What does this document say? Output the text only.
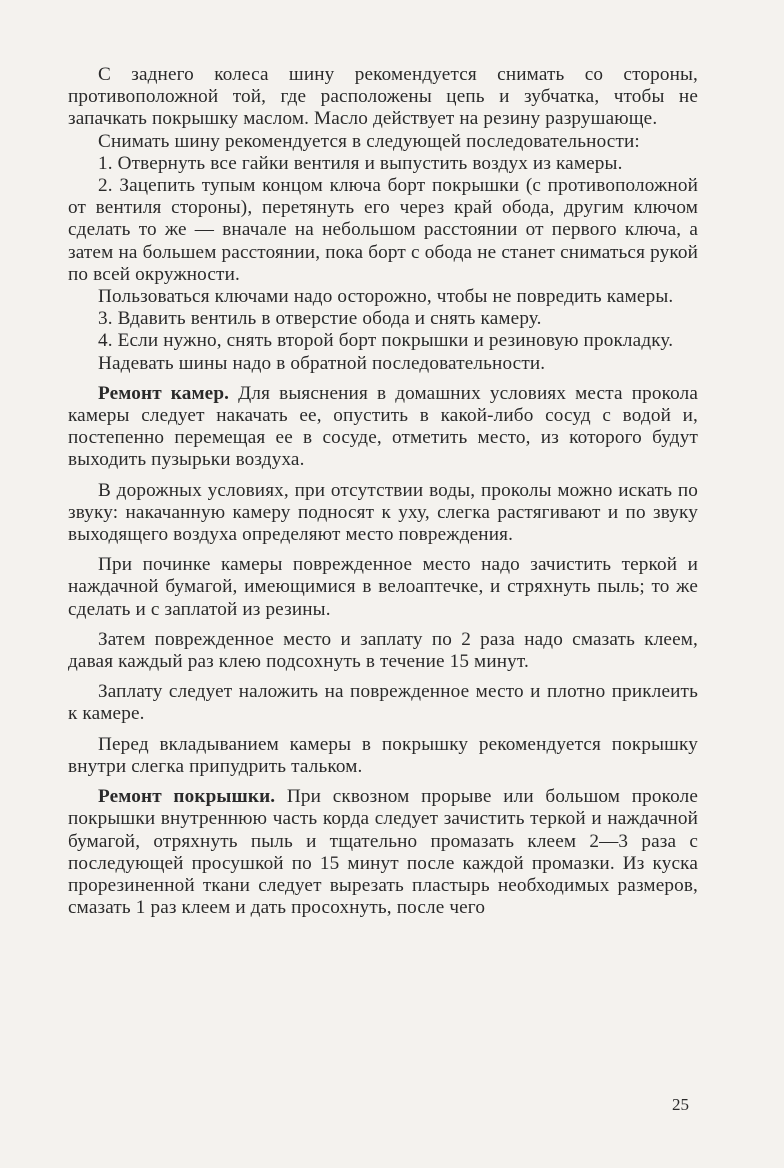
С заднего колеса шину рекомендуется снимать со стороны, противоположной той, где расположены цепь и зубчатка, чтобы не запачкать покрышку маслом. Масло действует на резину разрушающе.

Снимать шину рекомендуется в следующей последовательности:

1. Отвернуть все гайки вентиля и выпустить воздух из камеры.

2. Зацепить тупым концом ключа борт покрышки (с противоположной от вентиля стороны), перетянуть его через край обода, другим ключом сделать то же — вначале на небольшом расстоянии от первого ключа, а затем на большем расстоянии, пока борт с обода не станет сниматься рукой по всей окружности.

Пользоваться ключами надо осторожно, чтобы не повредить камеры.

3. Вдавить вентиль в отверстие обода и снять камеру.

4. Если нужно, снять второй борт покрышки и резиновую прокладку.

Надевать шины надо в обратной последовательности.

Ремонт камер. Для выяснения в домашних условиях места прокола камеры следует накачать ее, опустить в какой-либо сосуд с водой и, постепенно перемещая ее в сосуде, отметить место, из которого будут выходить пузырьки воздуха.

В дорожных условиях, при отсутствии воды, проколы можно искать по звуку: накачанную камеру подносят к уху, слегка растягивают и по звуку выходящего воздуха определяют место повреждения.

При починке камеры поврежденное место надо зачистить теркой и наждачной бумагой, имеющимися в велоаптечке, и стряхнуть пыль; то же сделать и с заплатой из резины.

Затем поврежденное место и заплату по 2 раза надо смазать клеем, давая каждый раз клею подсохнуть в течение 15 минут.

Заплату следует наложить на поврежденное место и плотно приклеить к камере.

Перед вкладыванием камеры в покрышку рекомендуется покрышку внутри слегка припудрить тальком.

Ремонт покрышки. При сквозном прорыве или большом проколе покрышки внутреннюю часть корда следует зачистить теркой и наждачной бумагой, отряхнуть пыль и тщательно промазать клеем 2—3 раза с последующей просушкой по 15 минут после каждой промазки. Из куска прорезиненной ткани следует вырезать пластырь необходимых размеров, смазать 1 раз клеем и дать просохнуть, после чего

25
